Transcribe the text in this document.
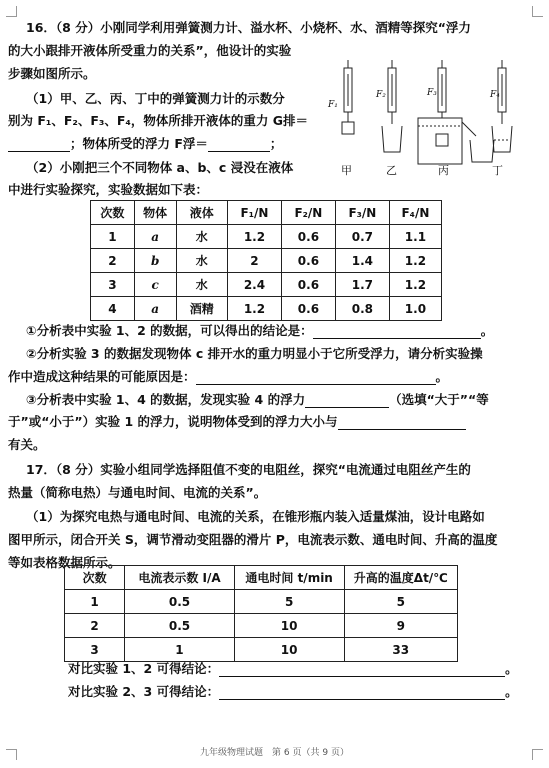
16．（8 分）小刚同学利用弹簧测力计、溢水杯、小烧杯、水、酒精等探究“浮力
的大小跟排开液体所受重力的关系”，他设计的实验
步骤如图所示。
（1）甲、乙、丙、丁中的弹簧测力计的示数分
别为 F₁、F₂、F₃、F₄，物体所排开液体的重力 G排＝
；物体所受的浮力 F浮＝	；
（2）小刚把三个不同物体 a、b、c 浸没在液体
中进行实验探究，实验数据如下表：
F₁
F₂	F₃	F₄
甲	乙	丙	丁
次数	物体	液体	F₁/N	F₂/N	F₃/N	F₄/N
1	a	水	1.2	0.6	0.7	1.1
2	b	水	2	0.6	1.4	1.2
3	c	水	2.4	0.6	1.7	1.2
4	a	酒精	1.2	0.6	0.8	1.0
①分析表中实验 1、2 的数据，可以得出的结论是：	。
②分析实验 3 的数据发现物体 c 排开水的重力明显小于它所受浮力，请分析实验操
作中造成这种结果的可能原因是：	。
③分析表中实验 1、4 的数据，发现实验 4 的浮力	（选填“大于”“等
于”或“小于”）实验 1 的浮力，说明物体受到的浮力大小与
有关。
17．（8 分）实验小组同学选择阻值不变的电阻丝，探究“电流通过电阻丝产生的
热量（简称电热）与通电时间、电流的关系”。
（1）为探究电热与通电时间、电流的关系，在锥形瓶内装入适量煤油，设计电路如
图甲所示，闭合开关 S，调节滑动变阻器的滑片 P，电流表示数、通电时间、升高的温度
等如表格数据所示。
次数	电流表示数 I/A	通电时间 t/min	升高的温度Δt/℃
1	0.5	5	5
2	0.5	10	9
3	1	10	33
对比实验 1、2 可得结论：	。
对比实验 2、3 可得结论：	。
九年级物理试题　第 6 页（共 9 页）
